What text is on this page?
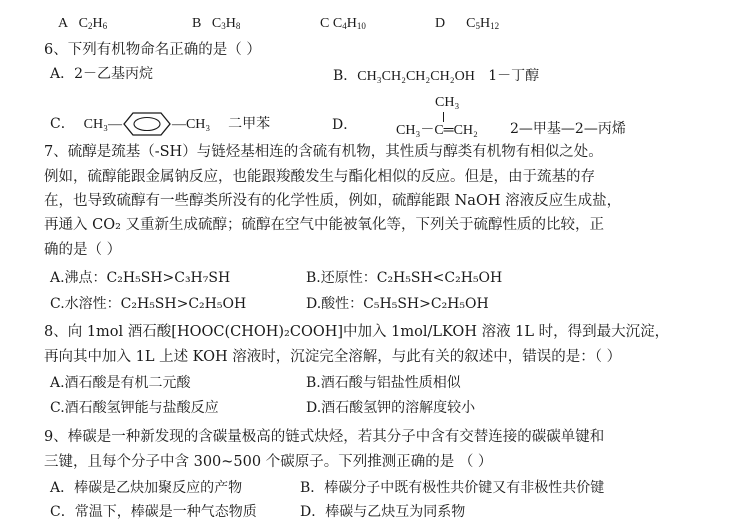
A $C_2H_6$	B $C_3H_8$	C $C_4H_{10}$	D $C_5H_{12}$
6、下列有机物命名正确的是（ ）
A．2－乙基丙烷	B．CH₃CH₂CH₂CH₂OH 1－丁醇
C． CH₃—	—CH₃ 二甲苯	D．
CH₃
CH₃－C═CH₂ 2—甲基—2—丙烯
7、硫醇是巯基（-SH）与链烃基相连的含硫有机物，其性质与醇类有机物有相似之处。
例如，硫醇能跟金属钠反应，也能跟羧酸发生与酯化相似的反应。但是，由于巯基的存
在，也导致硫醇有一些醇类所没有的化学性质，例如，硫醇能跟 NaOH 溶液反应生成盐，
再通入 CO₂ 又重新生成硫醇；硫醇在空气中能被氧化等，下列关于硫醇性质的比较，正
确的是（ ）
A.沸点：C₂H₅SH>C₃H₇SH	B.还原性：C₂H₅SH<C₂H₅OH
C.水溶性：C₂H₅SH>C₂H₅OH	D.酸性：C₅H₅SH>C₂H₅OH
8、向 1mol 酒石酸[HOOC(CHOH)₂COOH]中加入 1mol/LKOH 溶液 1L 时，得到最大沉淀，
再向其中加入 1L 上述 KOH 溶液时，沉淀完全溶解，与此有关的叙述中，错误的是：（ ）
A.酒石酸是有机二元酸	B.酒石酸与铝盐性质相似
C.酒石酸氢钾能与盐酸反应	D.酒石酸氢钾的溶解度较小
9、棒碳是一种新发现的含碳量极高的链式炔烃，若其分子中含有交替连接的碳碳单键和
三键，且每个分子中含 300~500 个碳原子。下列推测正确的是 （ ）
A．棒碳是乙炔加聚反应的产物	B．棒碳分子中既有极性共价键又有非极性共价键
C．常温下，棒碳是一种气态物质	D．棒碳与乙炔互为同系物
